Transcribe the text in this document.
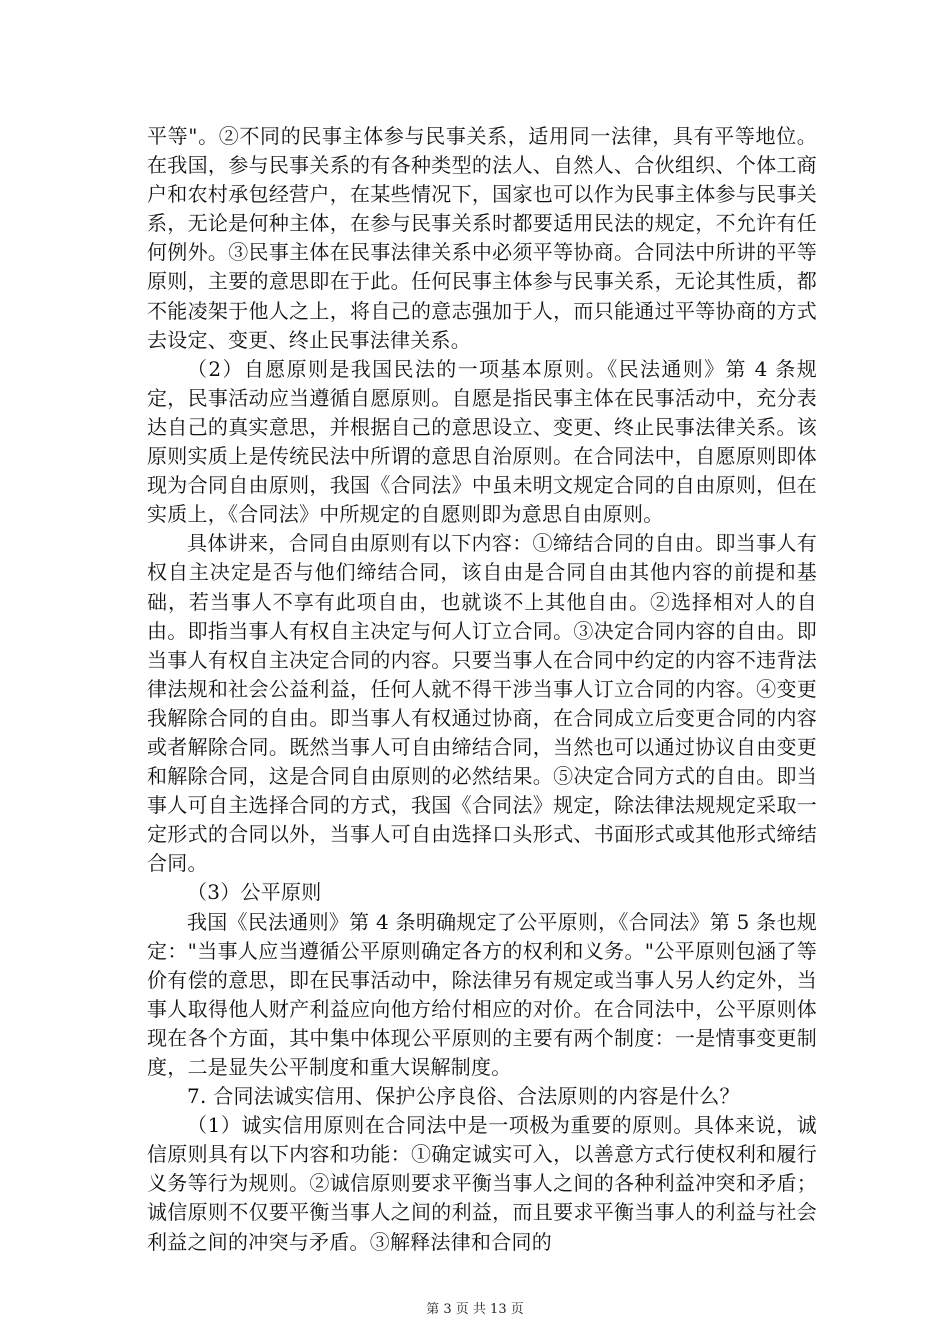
平等"。②不同的民事主体参与民事关系，适用同一法律，具有平等地位。在我国，参与民事关系的有各种类型的法人、自然人、合伙组织、个体工商户和农村承包经营户，在某些情况下，国家也可以作为民事主体参与民事关系，无论是何种主体，在参与民事关系时都要适用民法的规定，不允许有任何例外。③民事主体在民事法律关系中必须平等协商。合同法中所讲的平等原则，主要的意思即在于此。任何民事主体参与民事关系，无论其性质，都不能凌架于他人之上，将自己的意志强加于人，而只能通过平等协商的方式去设定、变更、终止民事法律关系。

（2）自愿原则是我国民法的一项基本原则。《民法通则》第 4 条规定，民事活动应当遵循自愿原则。自愿是指民事主体在民事活动中，充分表达自己的真实意思，并根据自己的意思设立、变更、终止民事法律关系。该原则实质上是传统民法中所谓的意思自治原则。在合同法中，自愿原则即体现为合同自由原则，我国《合同法》中虽未明文规定合同的自由原则，但在实质上，《合同法》中所规定的自愿则即为意思自由原则。

具体讲来，合同自由原则有以下内容：①缔结合同的自由。即当事人有权自主决定是否与他们缔结合同，该自由是合同自由其他内容的前提和基础，若当事人不享有此项自由，也就谈不上其他自由。②选择相对人的自由。即指当事人有权自主决定与何人订立合同。③决定合同内容的自由。即当事人有权自主决定合同的内容。只要当事人在合同中约定的内容不违背法律法规和社会公益利益，任何人就不得干涉当事人订立合同的内容。④变更我解除合同的自由。即当事人有权通过协商，在合同成立后变更合同的内容或者解除合同。既然当事人可自由缔结合同，当然也可以通过协议自由变更和解除合同，这是合同自由原则的必然结果。⑤决定合同方式的自由。即当事人可自主选择合同的方式，我国《合同法》规定，除法律法规规定采取一定形式的合同以外，当事人可自由选择口头形式、书面形式或其他形式缔结合同。

（3）公平原则

我国《民法通则》第 4 条明确规定了公平原则，《合同法》第 5 条也规定："当事人应当遵循公平原则确定各方的权利和义务。"公平原则包涵了等价有偿的意思，即在民事活动中，除法律另有规定或当事人另人约定外，当事人取得他人财产利益应向他方给付相应的对价。在合同法中，公平原则体现在各个方面，其中集中体现公平原则的主要有两个制度：一是情事变更制度，二是显失公平制度和重大误解制度。

7. 合同法诚实信用、保护公序良俗、合法原则的内容是什么？

（1）诚实信用原则在合同法中是一项极为重要的原则。具体来说，诚信原则具有以下内容和功能：①确定诚实可入，以善意方式行使权利和履行义务等行为规则。②诚信原则要求平衡当事人之间的各种利益冲突和矛盾；诚信原则不仅要平衡当事人之间的利益，而且要求平衡当事人的利益与社会利益之间的冲突与矛盾。③解释法律和合同的

第 3 页 共 13 页
